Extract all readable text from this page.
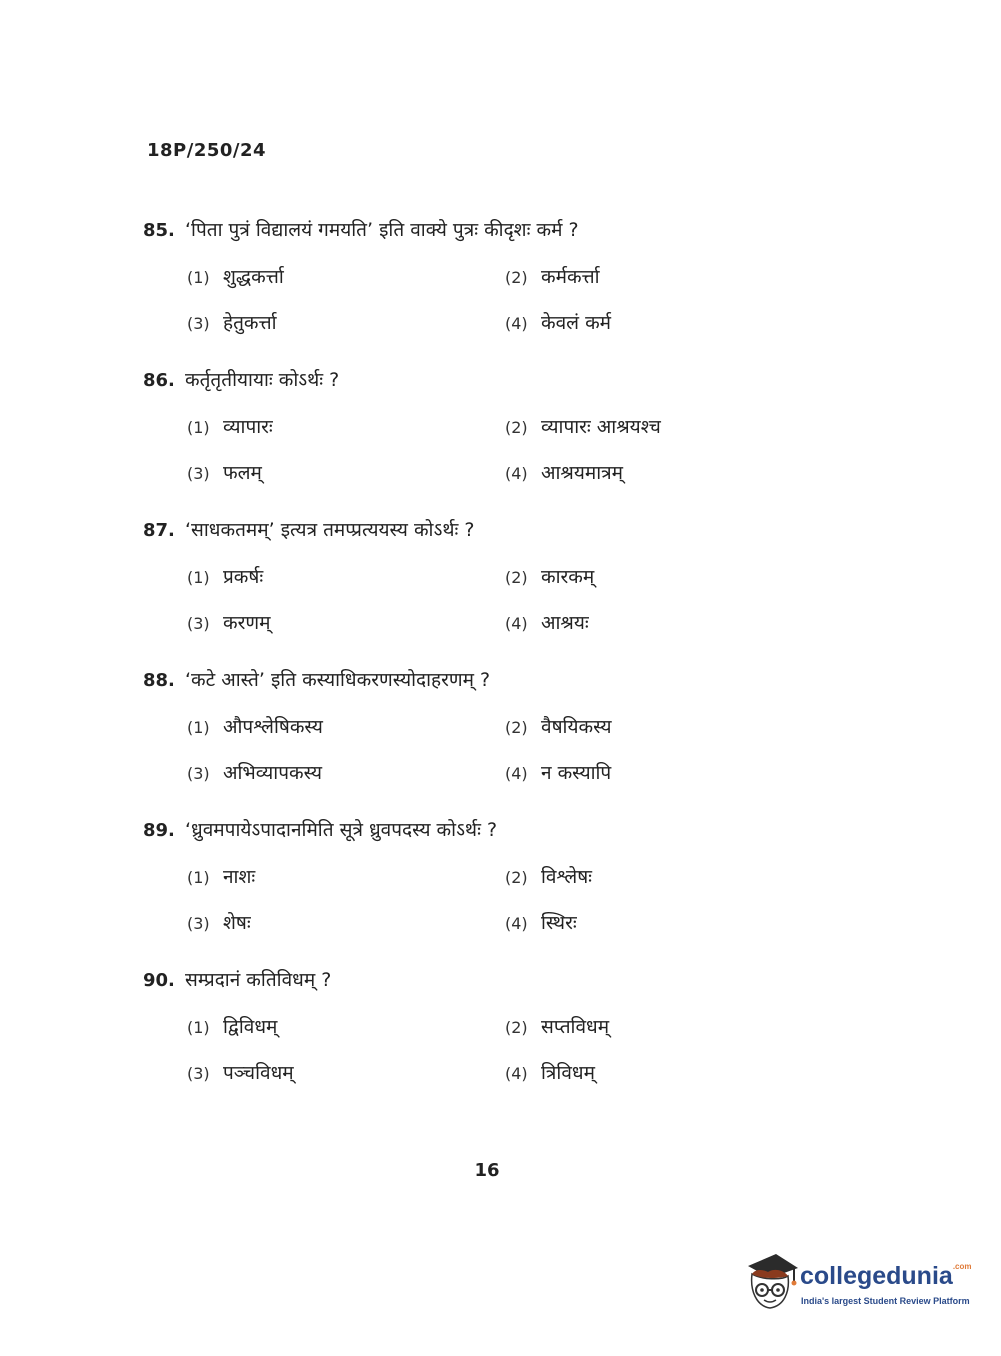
18P/250/24
85. ‘पिता पुत्रं विद्यालयं गमयति’ इति वाक्ये पुत्रः कीदृशः कर्म ?
(1) शुद्धकर्त्ता	(2) कर्मकर्त्ता
(3) हेतुकर्त्ता	(4) केवलं कर्म
86. कर्तृतृतीयायाः कोऽर्थः ?
(1) व्यापारः	(2) व्यापारः आश्रयश्च
(3) फलम्	(4) आश्रयमात्रम्
87. ‘साधकतमम्’ इत्यत्र तमप्प्रत्ययस्य कोऽर्थः ?
(1) प्रकर्षः	(2) कारकम्
(3) करणम्	(4) आश्रयः
88. ‘कटे आस्ते’ इति कस्याधिकरणस्योदाहरणम् ?
(1) औपश्लेषिकस्य	(2) वैषयिकस्य
(3) अभिव्यापकस्य	(4) न कस्यापि
89. ‘ध्रुवमपायेऽपादानमिति सूत्रे ध्रुवपदस्य कोऽर्थः ?
(1) नाशः	(2) विश्लेषः
(3) शेषः	(4) स्थिरः
90. सम्प्रदानं कतिविधम् ?
(1) द्विविधम्	(2) सप्तविधम्
(3) पञ्चविधम्	(4) त्रिविधम्
16
collegedunia$^{.com}$
India's largest Student Review Platform
